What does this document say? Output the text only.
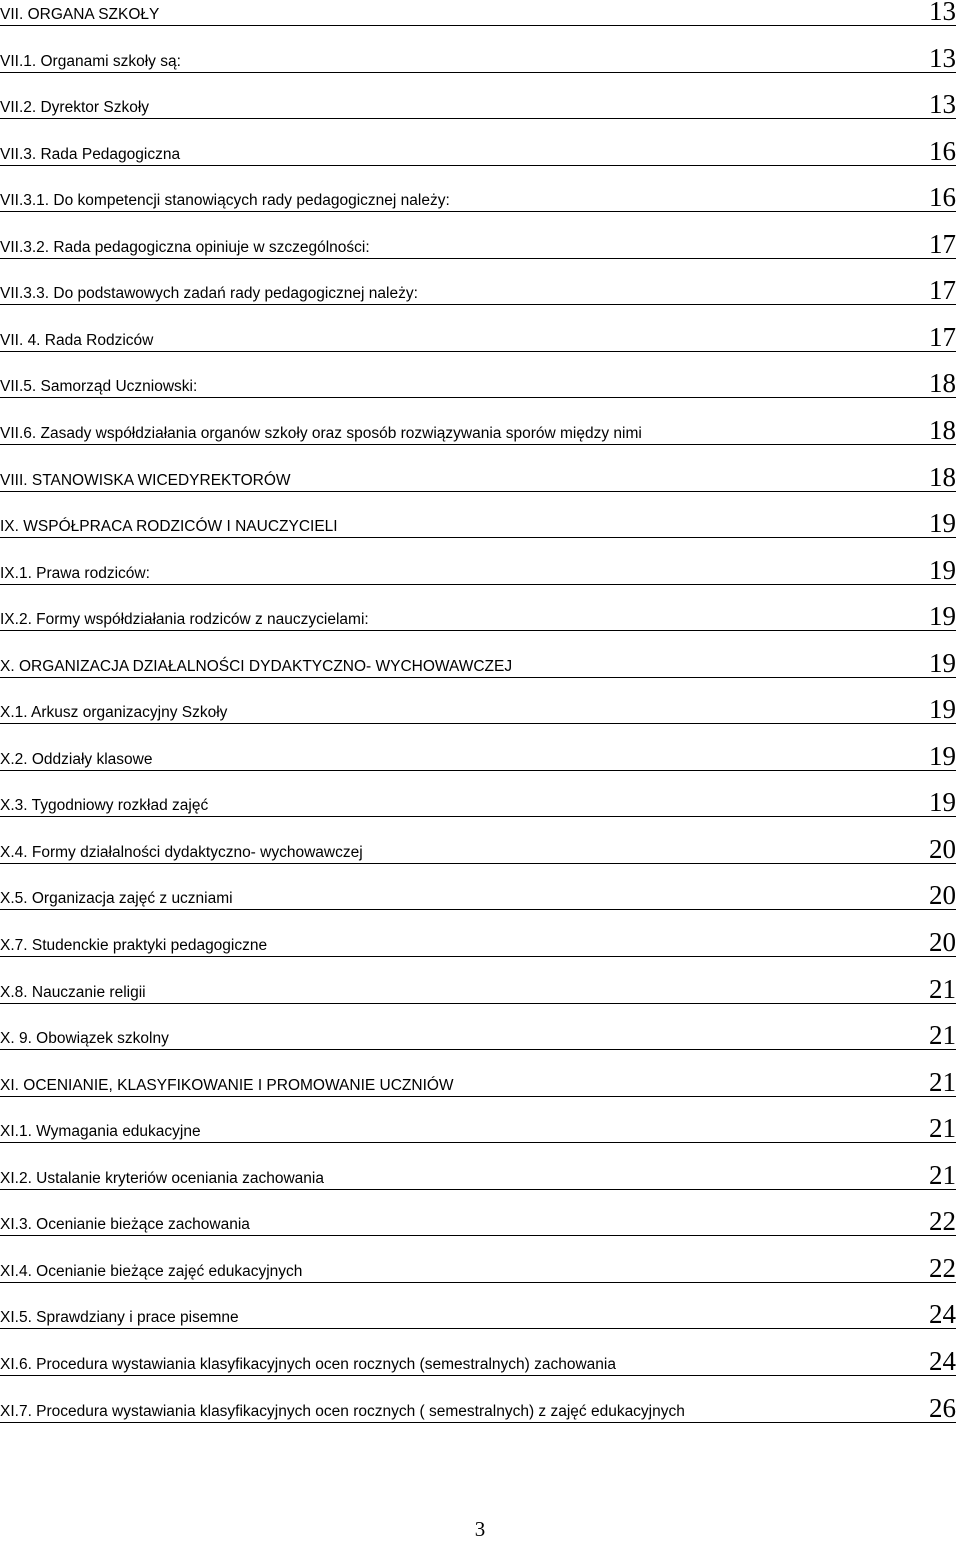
VII. ORGANA SZKOŁY	13
VII.1. Organami szkoły są:	13
VII.2. Dyrektor Szkoły	13
VII.3. Rada Pedagogiczna	16
VII.3.1. Do kompetencji stanowiących rady pedagogicznej należy:	16
VII.3.2. Rada pedagogiczna opiniuje w szczególności:	17
VII.3.3. Do podstawowych zadań rady pedagogicznej należy:	17
VII. 4. Rada Rodziców	17
VII.5. Samorząd Uczniowski:	18
VII.6. Zasady współdziałania organów szkoły oraz sposób rozwiązywania sporów między nimi	18
VIII. STANOWISKA WICEDYREKTORÓW	18
IX. WSPÓŁPRACA RODZICÓW I NAUCZYCIELI	19
IX.1. Prawa rodziców:	19
IX.2. Formy współdziałania rodziców z nauczycielami:	19
X. ORGANIZACJA DZIAŁALNOŚCI DYDAKTYCZNO- WYCHOWAWCZEJ	19
X.1. Arkusz organizacyjny Szkoły	19
X.2. Oddziały klasowe	19
X.3. Tygodniowy rozkład zajęć	19
X.4. Formy działalności dydaktyczno- wychowawczej	20
X.5. Organizacja zajęć z uczniami	20
X.7. Studenckie praktyki pedagogiczne	20
X.8. Nauczanie religii	21
X. 9. Obowiązek szkolny	21
XI. OCENIANIE, KLASYFIKOWANIE I PROMOWANIE UCZNIÓW	21
XI.1. Wymagania edukacyjne	21
XI.2. Ustalanie kryteriów oceniania zachowania	21
XI.3. Ocenianie bieżące zachowania	22
XI.4. Ocenianie bieżące zajęć edukacyjnych	22
XI.5. Sprawdziany i prace pisemne	24
XI.6. Procedura wystawiania klasyfikacyjnych ocen rocznych (semestralnych) zachowania	24
XI.7. Procedura wystawiania klasyfikacyjnych ocen rocznych ( semestralnych) z zajęć edukacyjnych	26
3
